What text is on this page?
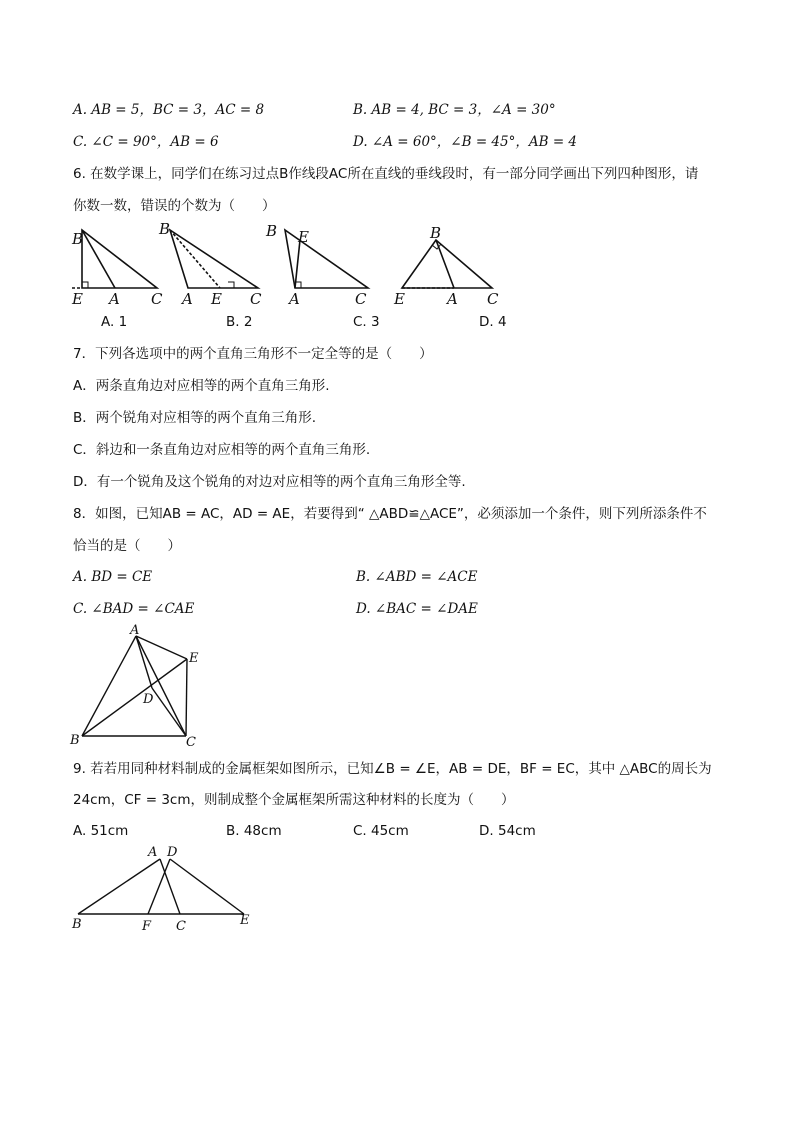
A. AB = 5，BC = 3，AC = 8	B. AB = 4, BC = 3，∠A = 30°
C. ∠C = 90°，AB = 6	D. ∠A = 60°，∠B = 45°，AB = 4
6. 在数学课上，同学们在练习过点B作线段AC所在直线的垂线段时，有一部分同学画出下列四种图形，请
你数一数，错误的个数为（　　）
B
E A C
B
A E C
B E
A	C
B
E	A C
A. 1	B. 2	C. 3	D. 4
7．下列各选项中的两个直角三角形不一定全等的是（　　）
A．两条直角边对应相等的两个直角三角形.
B．两个锐角对应相等的两个直角三角形.
C．斜边和一条直角边对应相等的两个直角三角形.
D．有一个锐角及这个锐角的对边对应相等的两个直角三角形全等.
8．如图，已知AB = AC，AD = AE，若要得到“ △ABD≌△ACE”，必须添加一个条件，则下列所添条件不
恰当的是（　　）
A. BD = CE	B. ∠ABD = ∠ACE
C. ∠BAD = ∠CAE	D. ∠BAC = ∠DAE
A
B	C
D
E
9. 若若用同种材料制成的金属框架如图所示，已知∠B = ∠E，AB = DE，BF = EC，其中 △ABC的周长为
24cm，CF = 3cm，则制成整个金属框架所需这种材料的长度为（　　）
A. 51cm	B. 48cm	C. 45cm	D. 54cm
A D
B	F C	E
